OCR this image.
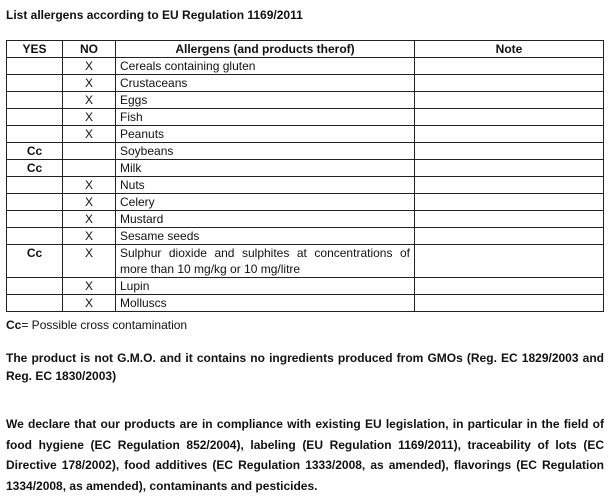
List allergens according to EU Regulation 1169/2011

YES	NO	Allergens (and products therof)	Note
	X	Cereals containing gluten	
	X	Crustaceans	
	X	Eggs	
	X	Fish	
	X	Peanuts	
Cc		Soybeans	
Cc		Milk	
	X	Nuts	
	X	Celery	
	X	Mustard	
	X	Sesame seeds	
Cc	X	Sulphur dioxide and sulphites at concentrations of more than 10 mg/kg or 10 mg/litre	
	X	Lupin	
	X	Molluscs	

Cc= Possible cross contamination

The product is not G.M.O. and it contains no ingredients produced from GMOs (Reg. EC 1829/2003 and Reg. EC 1830/2003)

We declare that our products are in compliance with existing EU legislation, in particular in the field of food hygiene (EC Regulation 852/2004), labeling (EU Regulation 1169/2011), traceability of lots (EC Directive 178/2002), food additives (EC Regulation 1333/2008, as amended), flavorings (EC Regulation 1334/2008, as amended), contaminants and pesticides.
